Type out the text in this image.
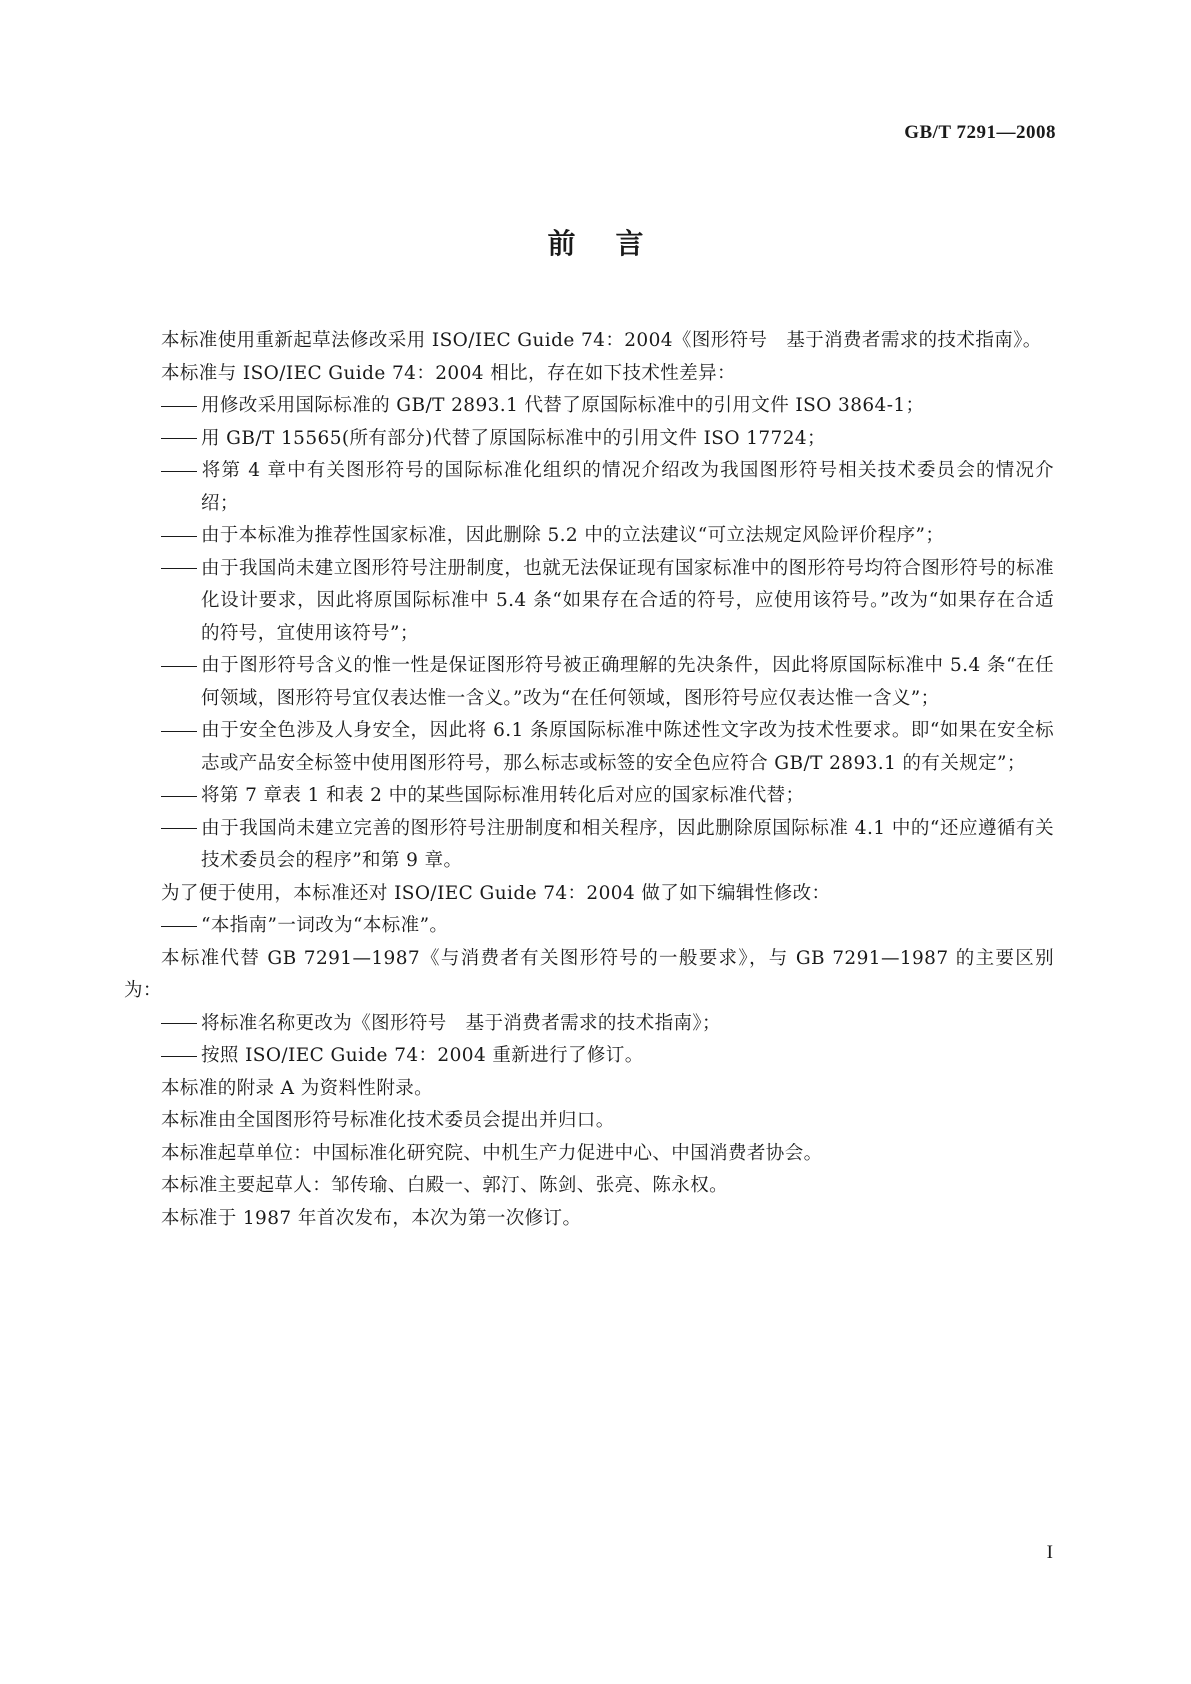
GB/T 7291—2008
前言

本标准使用重新起草法修改采用 ISO/IEC Guide 74：2004《图形符号　基于消费者需求的技术指南》。

本标准与 ISO/IEC Guide 74：2004 相比，存在如下技术性差异：

用修改采用国际标准的 GB/T 2893.1 代替了原国际标准中的引用文件 ISO 3864-1；

用 GB/T 15565(所有部分)代替了原国际标准中的引用文件 ISO 17724；

将第 4 章中有关图形符号的国际标准化组织的情况介绍改为我国图形符号相关技术委员会的情况介绍；

由于本标准为推荐性国家标准，因此删除 5.2 中的立法建议“可立法规定风险评价程序”；

由于我国尚未建立图形符号注册制度，也就无法保证现有国家标准中的图形符号均符合图形符号的标准化设计要求，因此将原国际标准中 5.4 条“如果存在合适的符号，应使用该符号。”改为“如果存在合适的符号，宜使用该符号”；

由于图形符号含义的惟一性是保证图形符号被正确理解的先决条件，因此将原国际标准中 5.4 条“在任何领域，图形符号宜仅表达惟一含义。”改为“在任何领域，图形符号应仅表达惟一含义”；

由于安全色涉及人身安全，因此将 6.1 条原国际标准中陈述性文字改为技术性要求。即“如果在安全标志或产品安全标签中使用图形符号，那么标志或标签的安全色应符合 GB/T 2893.1 的有关规定”；

将第 7 章表 1 和表 2 中的某些国际标准用转化后对应的国家标准代替；

由于我国尚未建立完善的图形符号注册制度和相关程序，因此删除原国际标准 4.1 中的“还应遵循有关技术委员会的程序”和第 9 章。

为了便于使用，本标准还对 ISO/IEC Guide 74：2004 做了如下编辑性修改：

“本指南”一词改为“本标准”。

本标准代替 GB 7291—1987《与消费者有关图形符号的一般要求》，与 GB 7291—1987 的主要区别为：

将标准名称更改为《图形符号　基于消费者需求的技术指南》；

按照 ISO/IEC Guide 74：2004 重新进行了修订。

本标准的附录 A 为资料性附录。

本标准由全国图形符号标准化技术委员会提出并归口。

本标准起草单位：中国标准化研究院、中机生产力促进中心、中国消费者协会。

本标准主要起草人：邹传瑜、白殿一、郭汀、陈剑、张亮、陈永权。

本标准于 1987 年首次发布，本次为第一次修订。

I
